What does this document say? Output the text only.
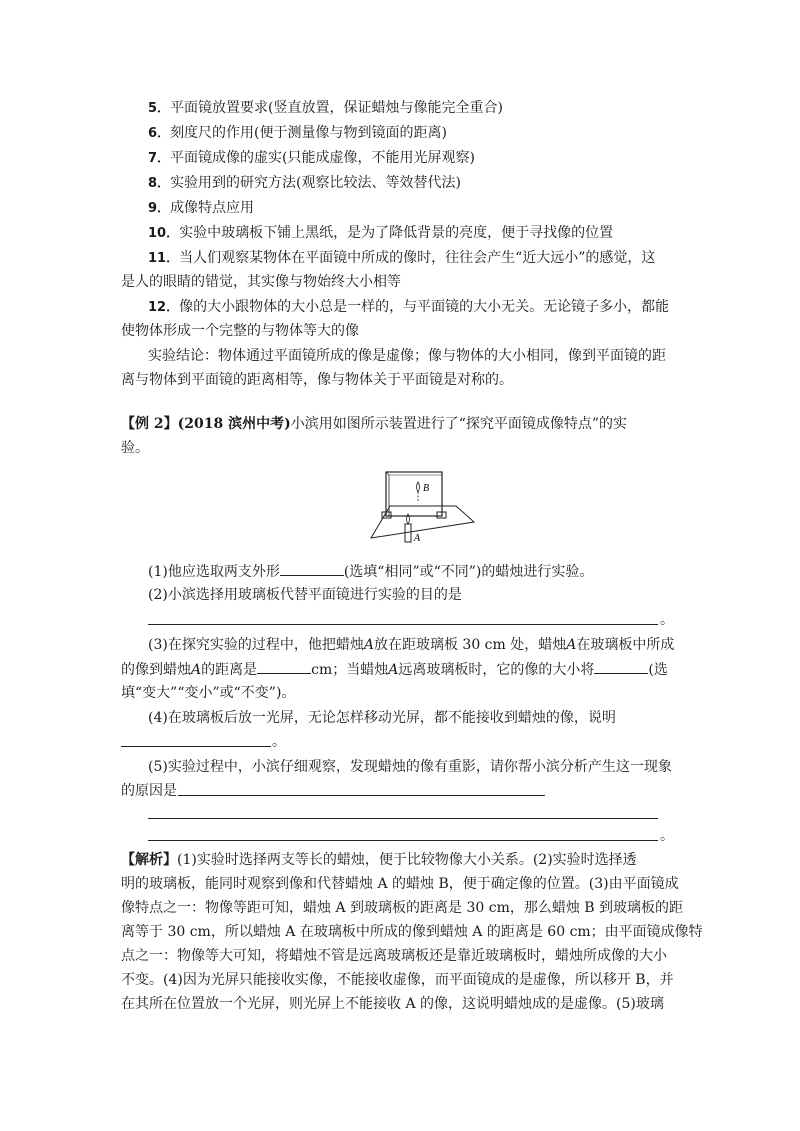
5．平面镜放置要求(竖直放置，保证蜡烛与像能完全重合)
6．刻度尺的作用(便于测量像与物到镜面的距离)
7．平面镜成像的虚实(只能成虚像，不能用光屏观察)
8．实验用到的研究方法(观察比较法、等效替代法)
9．成像特点应用
10．实验中玻璃板下铺上黑纸，是为了降低背景的亮度，便于寻找像的位置
11．当人们观察某物体在平面镜中所成的像时，往往会产生“近大远小”的感觉，这
是人的眼睛的错觉，其实像与物始终大小相等
12．像的大小跟物体的大小总是一样的，与平面镜的大小无关。无论镜子多小，都能
使物体形成一个完整的与物体等大的像
实验结论：物体通过平面镜所成的像是虚像；像与物体的大小相同，像到平面镜的距
离与物体到平面镜的距离相等，像与物体关于平面镜是对称的。
【例 2】(2018 滨州中考)小滨用如图所示装置进行了“探究平面镜成像特点”的实
验。
B
A
(1)他应选取两支外形	(选填“相同”或“不同”)的蜡烛进行实验。
(2)小滨选择用玻璃板代替平面镜进行实验的目的是
。
(3)在探究实验的过程中，他把蜡烛A放在距玻璃板 30 cm 处，蜡烛A在玻璃板中所成
的像到蜡烛A的距离是	cm；当蜡烛A远离玻璃板时，它的像的大小将	(选
填“变大”“变小”或“不变”)。
(4)在玻璃板后放一光屏，无论怎样移动光屏，都不能接收到蜡烛的像，说明
。
(5)实验过程中，小滨仔细观察，发现蜡烛的像有重影，请你帮小滨分析产生这一现象
的原因是
。
【解析】(1)实验时选择两支等长的蜡烛，便于比较物像大小关系。(2)实验时选择透
明的玻璃板，能同时观察到像和代替蜡烛 A 的蜡烛 B，便于确定像的位置。(3)由平面镜成
像特点之一：物像等距可知，蜡烛 A 到玻璃板的距离是 30 cm，那么蜡烛 B 到玻璃板的距
离等于 30 cm，所以蜡烛 A 在玻璃板中所成的像到蜡烛 A 的距离是 60 cm；由平面镜成像特
点之一：物像等大可知，将蜡烛不管是远离玻璃板还是靠近玻璃板时，蜡烛所成像的大小
不变。(4)因为光屏只能接收实像，不能接收虚像，而平面镜成的是虚像，所以移开 B，并
在其所在位置放一个光屏，则光屏上不能接收 A 的像，这说明蜡烛成的是虚像。(5)玻璃
